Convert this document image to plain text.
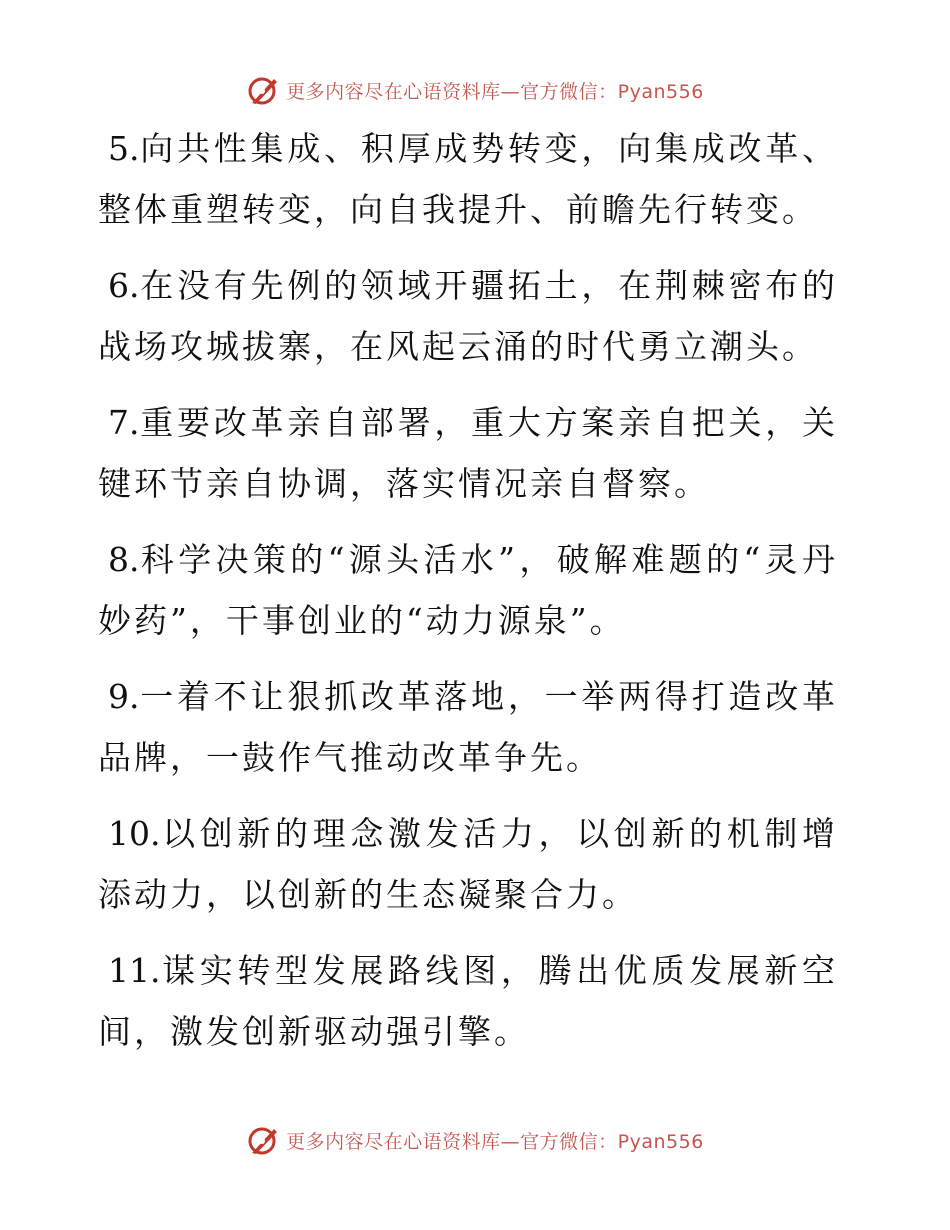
更多内容尽在心语资料库—官方微信：Pyan556

5.向共性集成、积厚成势转变，向集成改革、整体重塑转变，向自我提升、前瞻先行转变。

6.在没有先例的领域开疆拓土，在荆棘密布的战场攻城拔寨，在风起云涌的时代勇立潮头。

7.重要改革亲自部署，重大方案亲自把关，关键环节亲自协调，落实情况亲自督察。

8.科学决策的“源头活水”，破解难题的“灵丹妙药”，干事创业的“动力源泉”。

9.一着不让狠抓改革落地，一举两得打造改革品牌，一鼓作气推动改革争先。

10.以创新的理念激发活力，以创新的机制增添动力，以创新的生态凝聚合力。

11.谋实转型发展路线图，腾出优质发展新空间，激发创新驱动强引擎。

更多内容尽在心语资料库—官方微信：Pyan556
